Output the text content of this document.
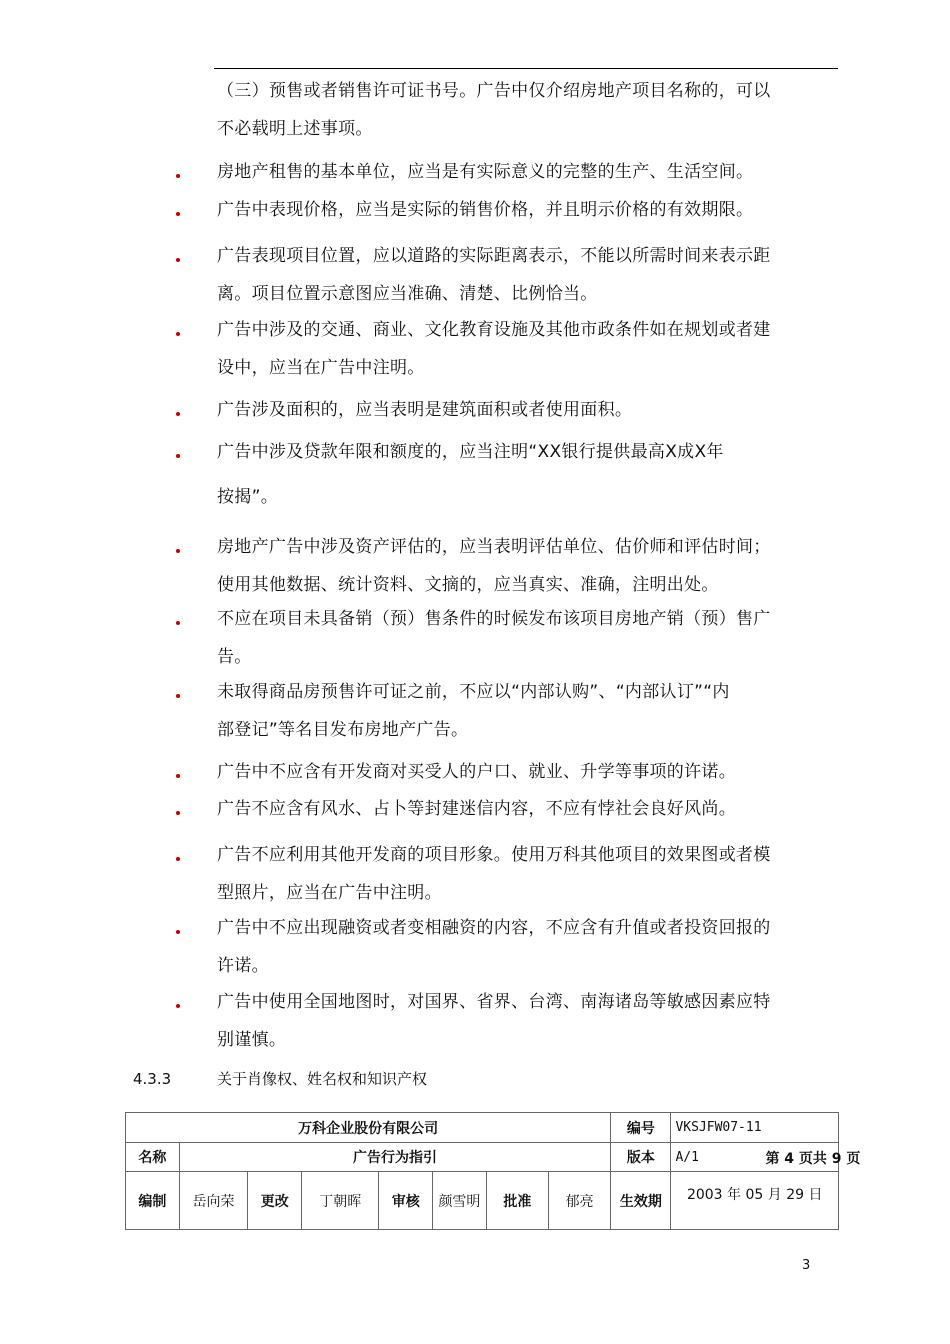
（三）预售或者销售许可证书号。广告中仅介绍房地产项目名称的，可以
不必载明上述事项。
房地产租售的基本单位，应当是有实际意义的完整的生产、生活空间。
广告中表现价格，应当是实际的销售价格，并且明示价格的有效期限。
广告表现项目位置，应以道路的实际距离表示，不能以所需时间来表示距
离。项目位置示意图应当准确、清楚、比例恰当。
广告中涉及的交通、商业、文化教育设施及其他市政条件如在规划或者建
设中，应当在广告中注明。
广告涉及面积的，应当表明是建筑面积或者使用面积。
广告中涉及贷款年限和额度的，应当注明“XX银行提供最高X成X年
按揭”。
房地产广告中涉及资产评估的，应当表明评估单位、估价师和评估时间；
使用其他数据、统计资料、文摘的，应当真实、准确，注明出处。
不应在项目未具备销（预）售条件的时候发布该项目房地产销（预）售广
告。
未取得商品房预售许可证之前，不应以“内部认购”、“内部认订”“内
部登记”等名目发布房地产广告。
广告中不应含有开发商对买受人的户口、就业、升学等事项的许诺。
广告不应含有风水、占卜等封建迷信内容，不应有悖社会良好风尚。
广告不应利用其他开发商的项目形象。使用万科其他项目的效果图或者模
型照片，应当在广告中注明。
广告中不应出现融资或者变相融资的内容，不应含有升值或者投资回报的
许诺。
广告中使用全国地图时，对国界、省界、台湾、南海诸岛等敏感因素应特
别谨慎。
4.3.3	关于肖像权、姓名权和知识产权
万科企业股份有限公司								编号	VKSJFW07-11
名称	广告行为指引							版本	A/1 第 4 页共 9 页

编制	岳向荣	更改	丁朝晖	审核	颜雪明	批准	郁亮	生效期	2003 年 05 月 29 日
3
